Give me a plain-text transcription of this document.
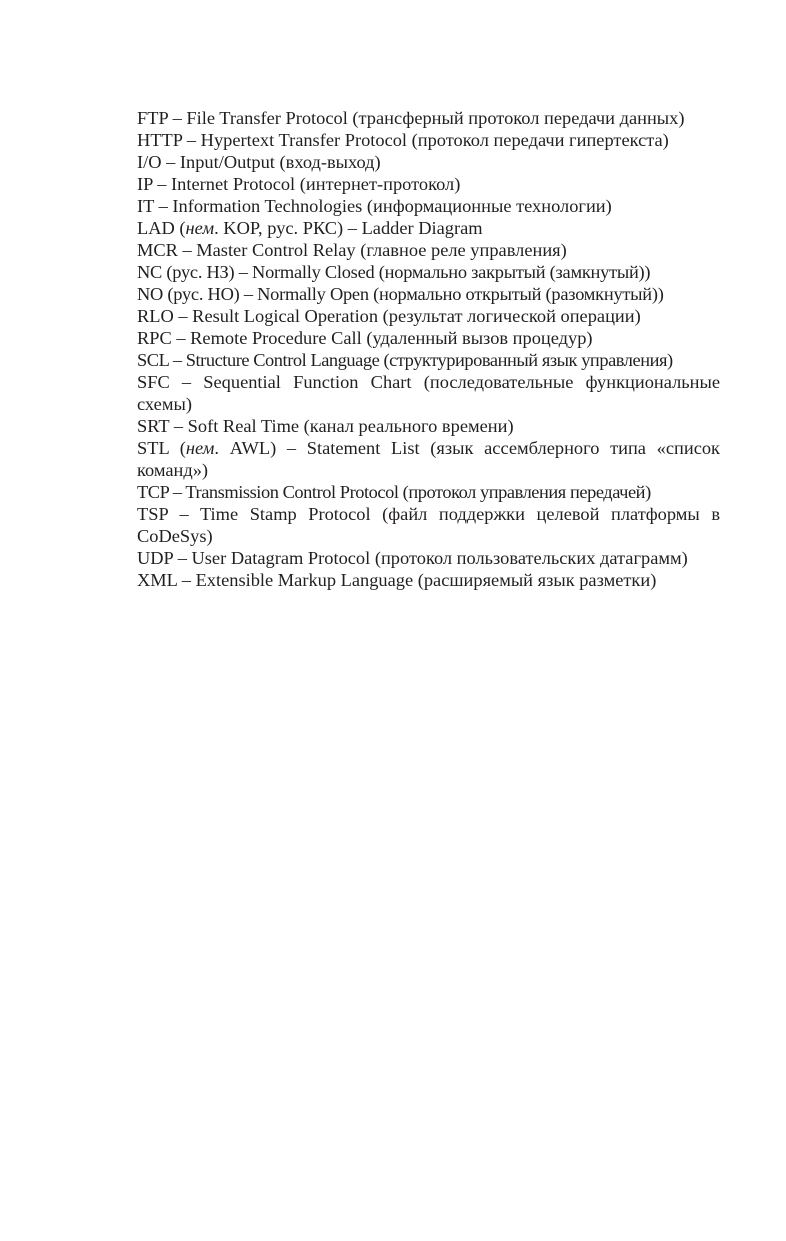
FTP – File Transfer Protocol (трансферный протокол передачи данных)

HTTP – Hypertext Transfer Protocol (протокол передачи гипертекста)

I/O – Input/Output (вход-выход)

IP – Internet Protocol (интернет-протокол)

IT – Information Technologies (информационные технологии)

LAD (нем. KOP, рус. РКС) – Ladder Diagram

MCR – Master Control Relay (главное реле управления)

NC (рус. НЗ) – Normally Closed (нормально закрытый (замкнутый))

NO (рус. НО) – Normally Open (нормально открытый (разомкнутый))

RLO – Result Logical Operation (результат логической операции)

RPC – Remote Procedure Call (удаленный вызов процедур)

SCL – Structure Control Language (структурированный язык управления)

SFC – Sequential Function Chart (последовательные функциональные схемы)

SRT – Soft Real Time (канал реального времени)

STL (нем. AWL) – Statement List (язык ассемблерного типа «список команд»)

TCP – Transmission Control Protocol (протокол управления передачей)

TSP – Time Stamp Protocol (файл поддержки целевой платформы в CoDeSys)

UDP – User Datagram Protocol (протокол пользовательских датаграмм)

XML – Extensible Markup Language (расширяемый язык разметки)
